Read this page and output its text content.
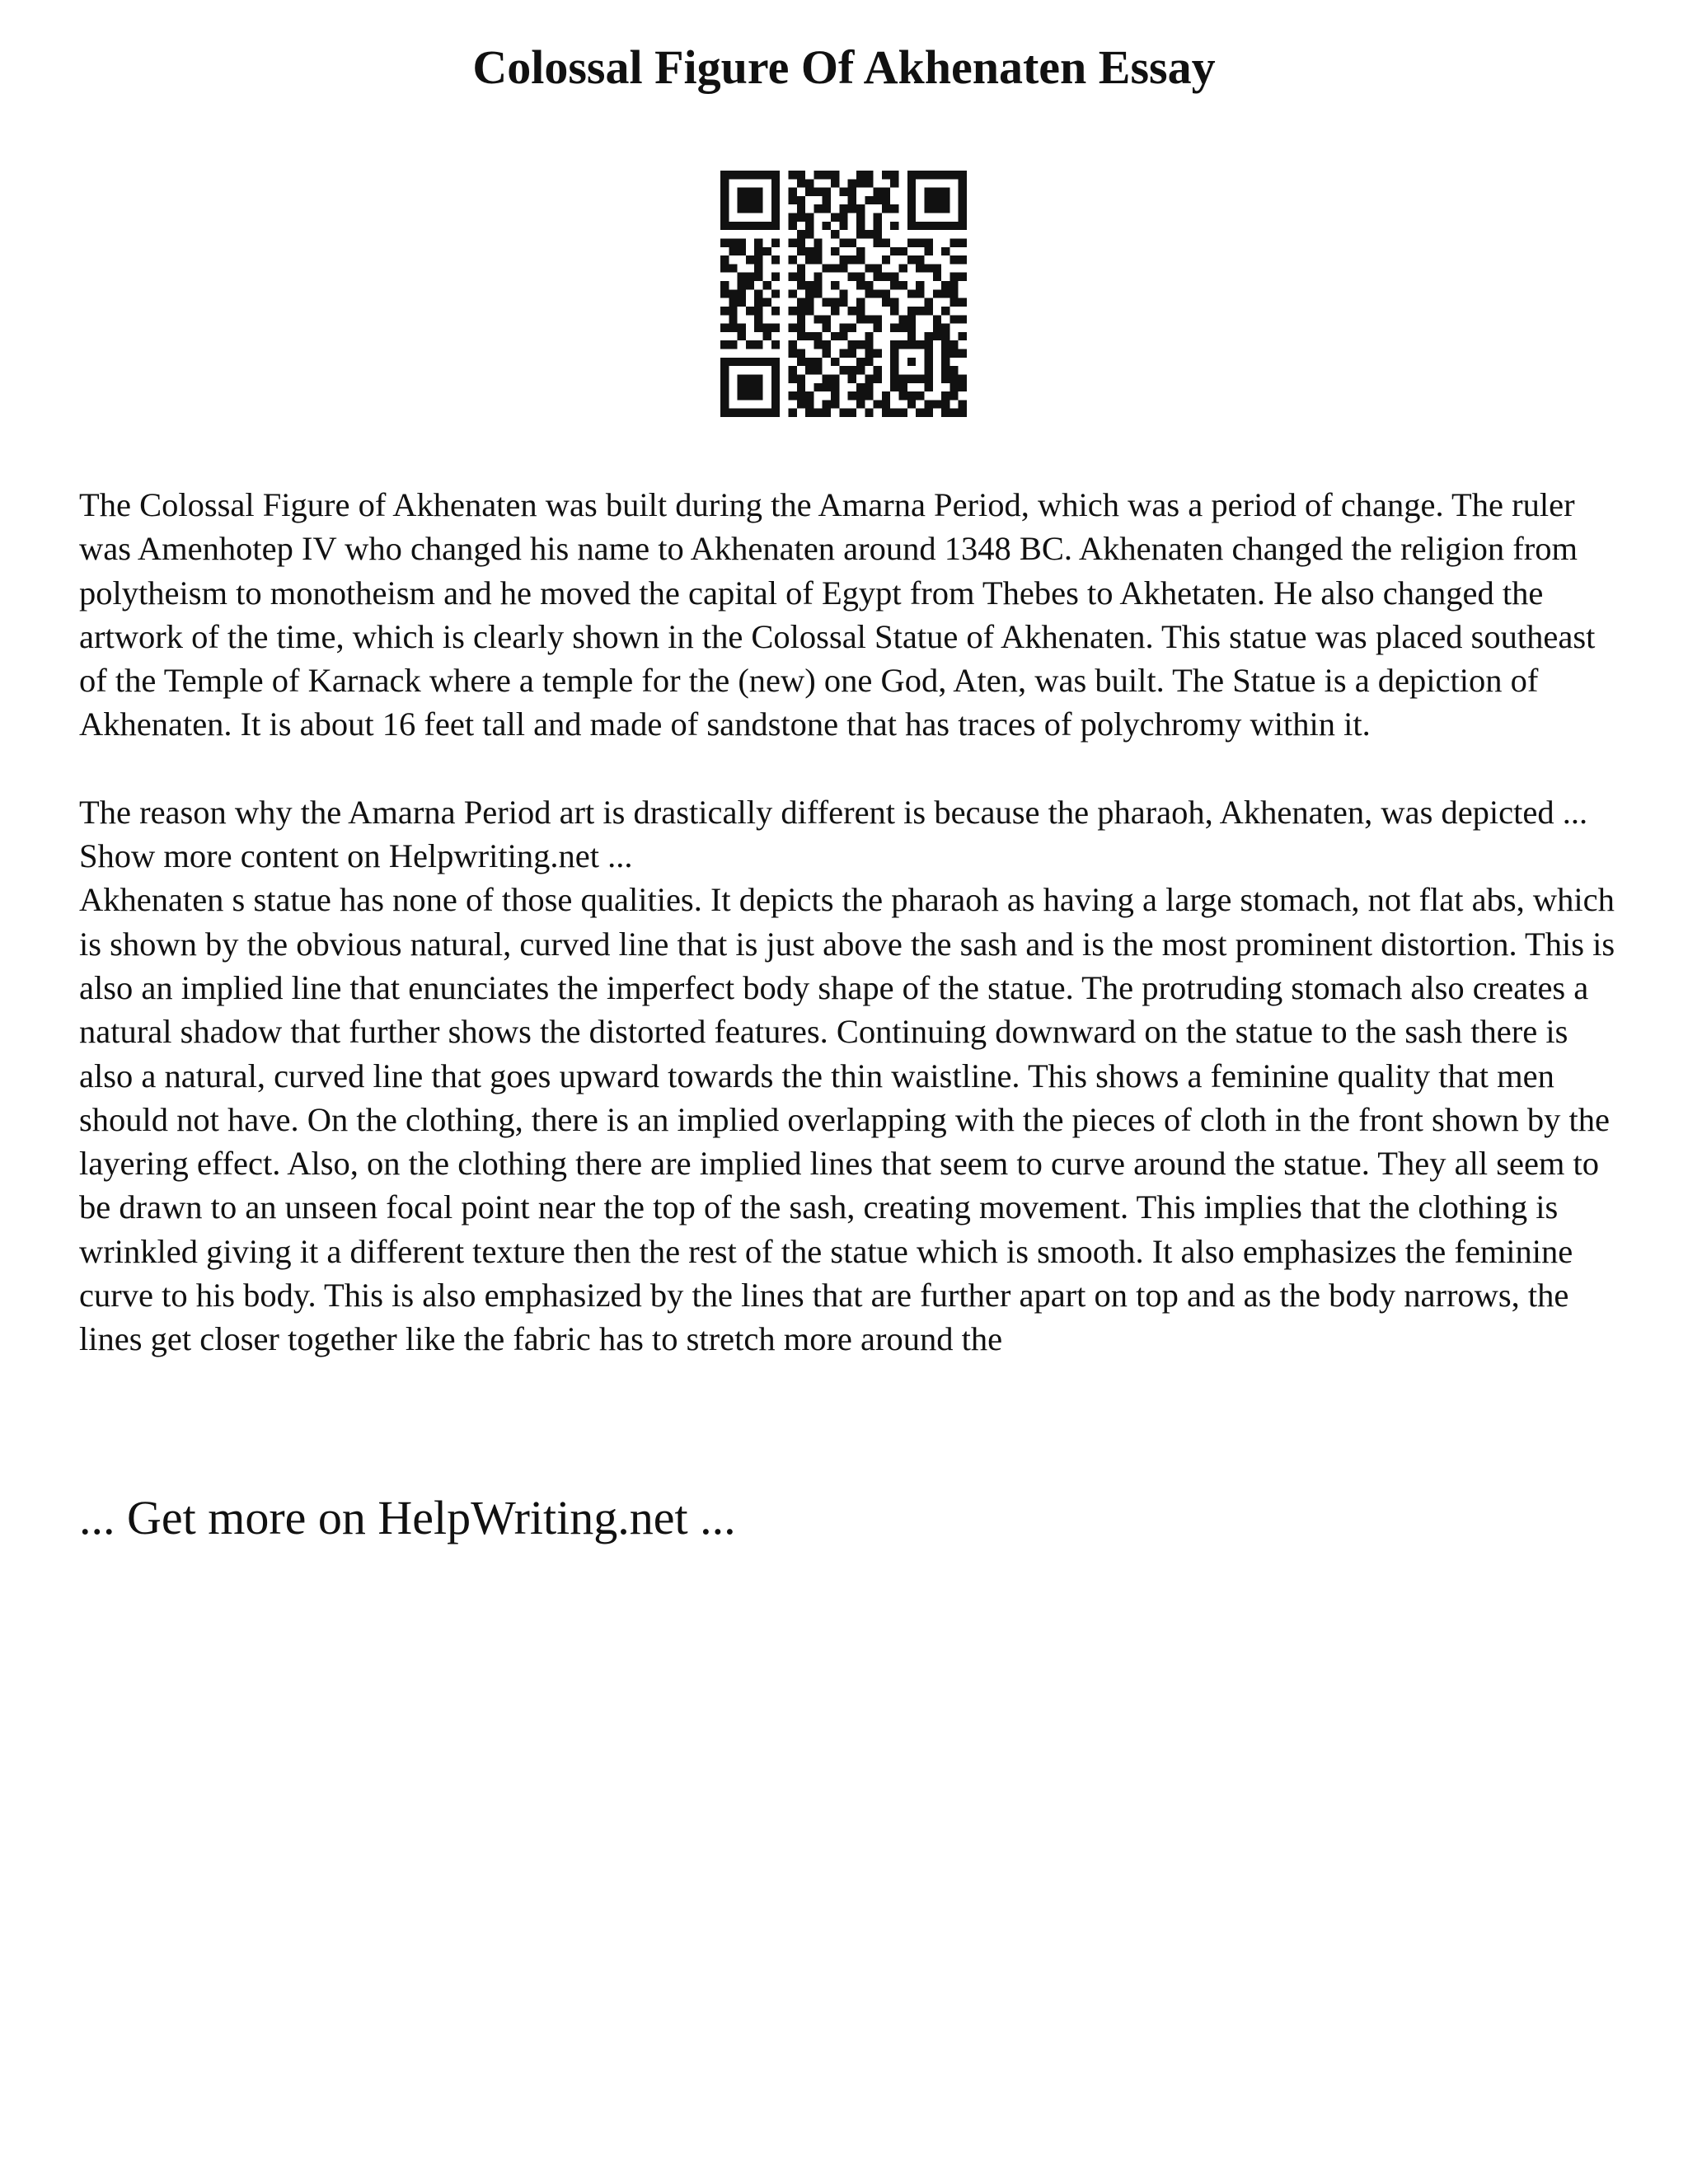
Colossal Figure Of Akhenaten Essay

The Colossal Figure of Akhenaten was built during the Amarna Period, which was a period of change. The ruler was Amenhotep IV who changed his name to Akhenaten around 1348 BC. Akhenaten changed the religion from polytheism to monotheism and he moved the capital of Egypt from Thebes to Akhetaten. He also changed the artwork of the time, which is clearly shown in the Colossal Statue of Akhenaten. This statue was placed southeast of the Temple of Karnack where a temple for the (new) one God, Aten, was built. The Statue is a depiction of Akhenaten. It is about 16 feet tall and made of sandstone that has traces of polychromy within it.

The reason why the Amarna Period art is drastically different is because the pharaoh, Akhenaten, was depicted ... Show more content on Helpwriting.net ...

Akhenaten s statue has none of those qualities. It depicts the pharaoh as having a large stomach, not flat abs, which is shown by the obvious natural, curved line that is just above the sash and is the most prominent distortion. This is also an implied line that enunciates the imperfect body shape of the statue. The protruding stomach also creates a natural shadow that further shows the distorted features. Continuing downward on the statue to the sash there is also a natural, curved line that goes upward towards the thin waistline. This shows a feminine quality that men should not have. On the clothing, there is an implied overlapping with the pieces of cloth in the front shown by the layering effect. Also, on the clothing there are implied lines that seem to curve around the statue. They all seem to be drawn to an unseen focal point near the top of the sash, creating movement. This implies that the clothing is wrinkled giving it a different texture then the rest of the statue which is smooth. It also emphasizes the feminine curve to his body. This is also emphasized by the lines that are further apart on top and as the body narrows, the lines get closer together like the fabric has to stretch more around the

... Get more on HelpWriting.net ...
